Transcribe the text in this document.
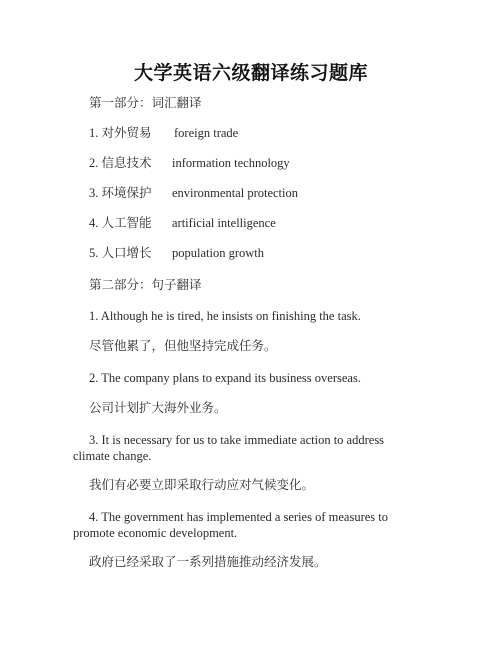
大学英语六级翻译练习题库
第一部分：词汇翻译
1. 对外贸易 foreign trade
2. 信息技术 information technology
3. 环境保护 environmental protection
4. 人工智能 artificial intelligence
5. 人口增长 population growth
第二部分：句子翻译
1. Although he is tired, he insists on finishing the task.
尽管他累了，但他坚持完成任务。
2. The company plans to expand its business overseas.
公司计划扩大海外业务。
3. It is necessary for us to take immediate action to address climate change.
我们有必要立即采取行动应对气候变化。
4. The government has implemented a series of measures to promote economic development.
政府已经采取了一系列措施推动经济发展。
